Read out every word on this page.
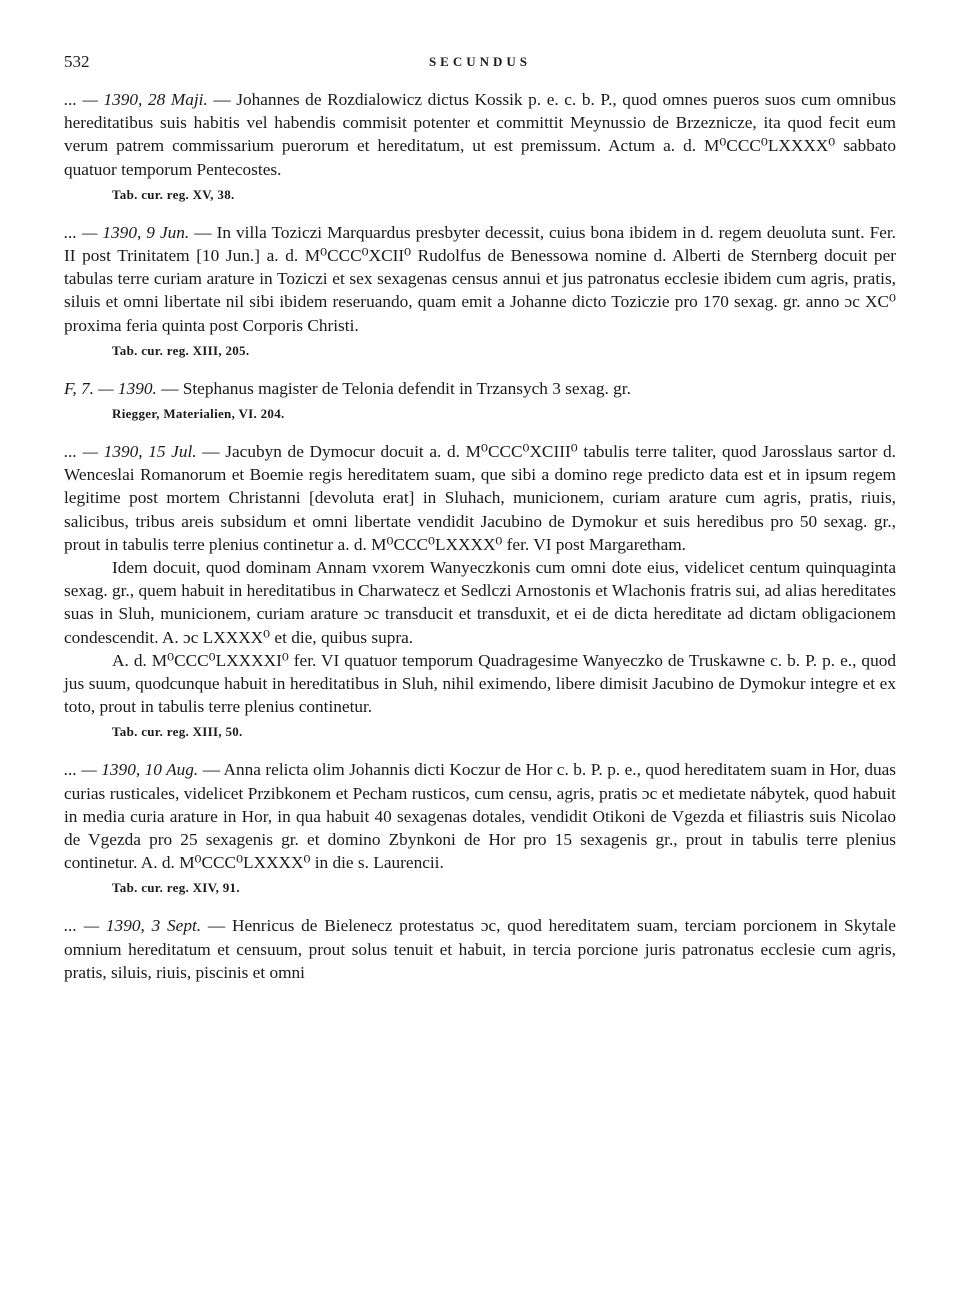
532	SECUNDUS

... — 1390, 28 Maji. — Johannes de Rozdialowicz dictus Kossik p. e. c. b. P., quod omnes pueros suos cum omnibus hereditatibus suis habitis vel habendis commisit potenter et committit Meynussio de Brzeznicze, ita quod fecit eum verum patrem commissarium puerorum et hereditatum, ut est premissum. Actum a. d. M⁰CCC⁰LXXXX⁰ sabbato quatuor temporum Pentecostes.

Tab. cur. reg. XV, 38.

... — 1390, 9 Jun. — In villa Toziczi Marquardus presbyter decessit, cuius bona ibidem in d. regem deuoluta sunt. Fer. II post Trinitatem [10 Jun.] a. d. M⁰CCC⁰XCII⁰ Rudolfus de Benessowa nomine d. Alberti de Sternberg docuit per tabulas terre curiam arature in Toziczi et sex sexagenas census annui et jus patronatus ecclesie ibidem cum agris, pratis, siluis et omni libertate nil sibi ibidem reseruando, quam emit a Johanne dicto Toziczie pro 170 sexag. gr. anno ɔc XC⁰ proxima feria quinta post Corporis Christi.

Tab. cur. reg. XIII, 205.

F, 7. — 1390. — Stephanus magister de Telonia defendit in Trzansych 3 sexag. gr.

Riegger, Materialien, VI. 204.

... — 1390, 15 Jul. — Jacubyn de Dymocur docuit a. d. M⁰CCC⁰XCIII⁰ tabulis terre taliter, quod Jarosslaus sartor d. Wenceslai Romanorum et Boemie regis hereditatem suam, que sibi a domino rege predicto data est et in ipsum regem legitime post mortem Christanni [devoluta erat] in Sluhach, municionem, curiam arature cum agris, pratis, riuis, salicibus, tribus areis subsidum et omni libertate vendidit Jacubino de Dymokur et suis heredibus pro 50 sexag. gr., prout in tabulis terre plenius continetur a. d. M⁰CCC⁰LXXXX⁰ fer. VI post Margaretham.

Idem docuit, quod dominam Annam vxorem Wanyeczkonis cum omni dote eius, videlicet centum quinquaginta sexag. gr., quem habuit in hereditatibus in Charwatecz et Sedlczi Arnostonis et Wlachonis fratris sui, ad alias hereditates suas in Sluh, municionem, curiam arature ɔc transducit et transduxit, et ei de dicta hereditate ad dictam obligacionem condescendit. A. ɔc LXXXX⁰ et die, quibus supra.

A. d. M⁰CCC⁰LXXXXI⁰ fer. VI quatuor temporum Quadragesime Wanyeczko de Truskawne c. b. P. p. e., quod jus suum, quodcunque habuit in hereditatibus in Sluh, nihil eximendo, libere dimisit Jacubino de Dymokur integre et ex toto, prout in tabulis terre plenius continetur.

Tab. cur. reg. XIII, 50.

... — 1390, 10 Aug. — Anna relicta olim Johannis dicti Koczur de Hor c. b. P. p. e., quod hereditatem suam in Hor, duas curias rusticales, videlicet Przibkonem et Pecham rusticos, cum censu, agris, pratis ɔc et medietate nábytek, quod habuit in media curia arature in Hor, in qua habuit 40 sexagenas dotales, vendidit Otikoni de Vgezda et filiastris suis Nicolao de Vgezda pro 25 sexagenis gr. et domino Zbynkoni de Hor pro 15 sexagenis gr., prout in tabulis terre plenius continetur. A. d. M⁰CCC⁰LXXXX⁰ in die s. Laurencii.

Tab. cur. reg. XIV, 91.

... — 1390, 3 Sept. — Henricus de Bielenecz protestatus ɔc, quod hereditatem suam, terciam porcionem in Skytale omnium hereditatum et censuum, prout solus tenuit et habuit, in tercia porcione juris patronatus ecclesie cum agris, pratis, siluis, riuis, piscinis et omni
